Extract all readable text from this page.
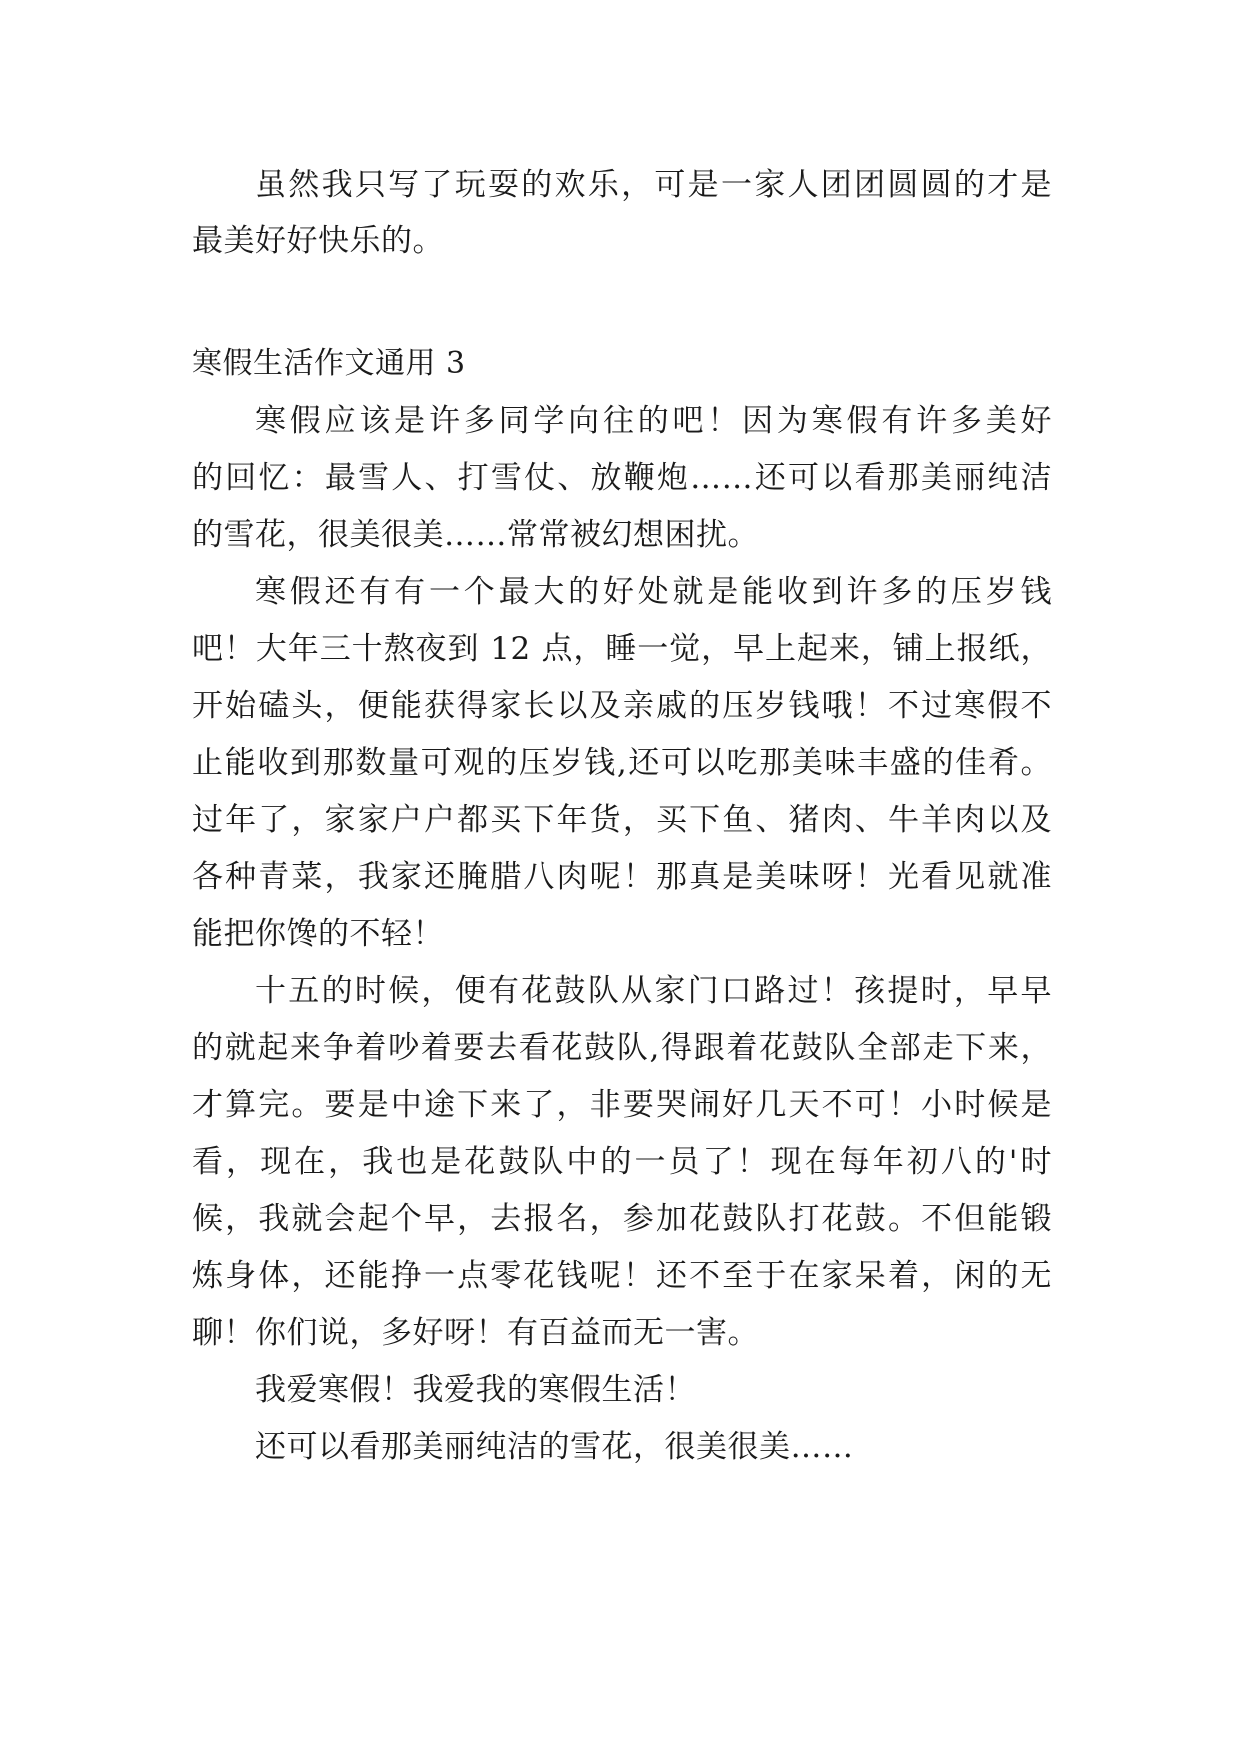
虽然我只写了玩耍的欢乐，可是一家人团团圆圆的才是
最美好好快乐的。
寒假生活作文通用 3
寒假应该是许多同学向往的吧！因为寒假有许多美好
的回忆：最雪人、打雪仗、放鞭炮……还可以看那美丽纯洁
的雪花，很美很美……常常被幻想困扰。
寒假还有有一个最大的好处就是能收到许多的压岁钱
吧！大年三十熬夜到 12 点，睡一觉，早上起来，铺上报纸，
开始磕头，便能获得家长以及亲戚的压岁钱哦！不过寒假不
止能收到那数量可观的压岁钱,还可以吃那美味丰盛的佳肴。
过年了，家家户户都买下年货，买下鱼、猪肉、牛羊肉以及
各种青菜，我家还腌腊八肉呢！那真是美味呀！光看见就准
能把你馋的不轻！
十五的时候，便有花鼓队从家门口路过！孩提时，早早
的就起来争着吵着要去看花鼓队,得跟着花鼓队全部走下来，
才算完。要是中途下来了，非要哭闹好几天不可！小时候是
看，现在，我也是花鼓队中的一员了！现在每年初八的'时
候，我就会起个早，去报名，参加花鼓队打花鼓。不但能锻
炼身体，还能挣一点零花钱呢！还不至于在家呆着，闲的无
聊！你们说，多好呀！有百益而无一害。
我爱寒假！我爱我的寒假生活！
还可以看那美丽纯洁的雪花，很美很美……
